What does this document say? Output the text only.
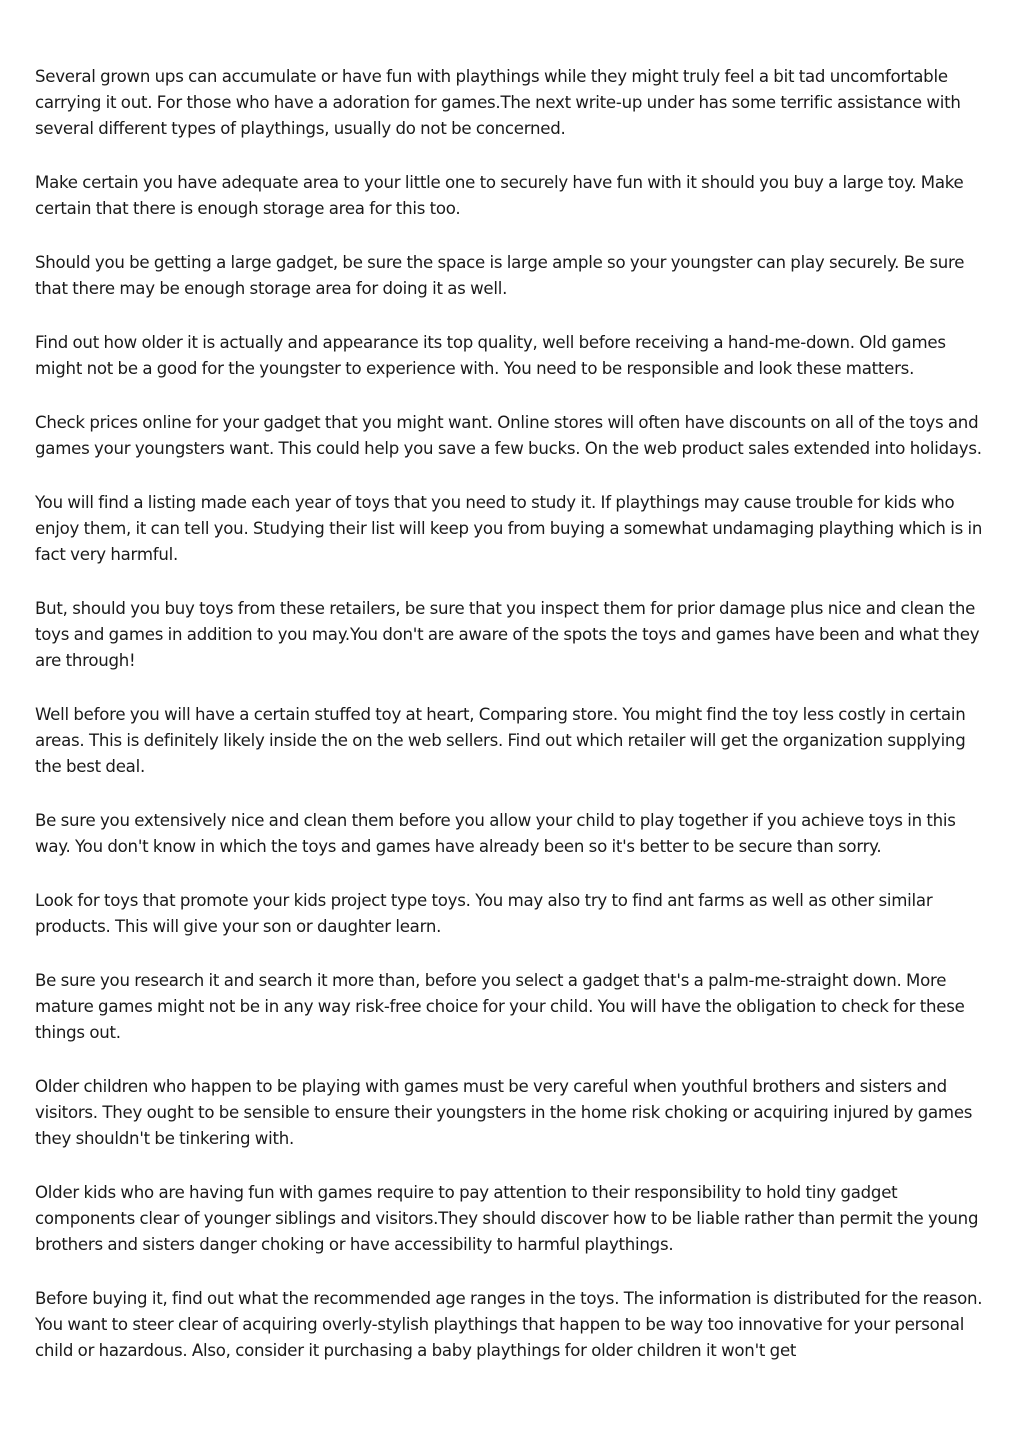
Several grown ups can accumulate or have fun with playthings while they might truly feel a bit tad uncomfortable carrying it out. For those who have a adoration for games.The next write-up under has some terrific assistance with several different types of playthings, usually do not be concerned.

Make certain you have adequate area to your little one to securely have fun with it should you buy a large toy. Make certain that there is enough storage area for this too.

Should you be getting a large gadget, be sure the space is large ample so your youngster can play securely. Be sure that there may be enough storage area for doing it as well.

Find out how older it is actually and appearance its top quality, well before receiving a hand-me-down. Old games might not be a good for the youngster to experience with. You need to be responsible and look these matters.

Check prices online for your gadget that you might want. Online stores will often have discounts on all of the toys and games your youngsters want. This could help you save a few bucks. On the web product sales extended into holidays.

You will find a listing made each year of toys that you need to study it. If playthings may cause trouble for kids who enjoy them, it can tell you. Studying their list will keep you from buying a somewhat undamaging plaything which is in fact very harmful.

But, should you buy toys from these retailers, be sure that you inspect them for prior damage plus nice and clean the toys and games in addition to you may.You don't are aware of the spots the toys and games have been and what they are through!

Well before you will have a certain stuffed toy at heart, Comparing store. You might find the toy less costly in certain areas. This is definitely likely inside the on the web sellers. Find out which retailer will get the organization supplying the best deal.

Be sure you extensively nice and clean them before you allow your child to play together if you achieve toys in this way. You don't know in which the toys and games have already been so it's better to be secure than sorry.

Look for toys that promote your kids project type toys. You may also try to find ant farms as well as other similar products. This will give your son or daughter learn.

Be sure you research it and search it more than, before you select a gadget that's a palm-me-straight down. More mature games might not be in any way risk-free choice for your child. You will have the obligation to check for these things out.

Older children who happen to be playing with games must be very careful when youthful brothers and sisters and visitors. They ought to be sensible to ensure their youngsters in the home risk choking or acquiring injured by games they shouldn't be tinkering with.

Older kids who are having fun with games require to pay attention to their responsibility to hold tiny gadget components clear of younger siblings and visitors.They should discover how to be liable rather than permit the young brothers and sisters danger choking or have accessibility to harmful playthings.

Before buying it, find out what the recommended age ranges in the toys. The information is distributed for the reason. You want to steer clear of acquiring overly-stylish playthings that happen to be way too innovative for your personal child or hazardous. Also, consider it purchasing a baby playthings for older children it won't get
